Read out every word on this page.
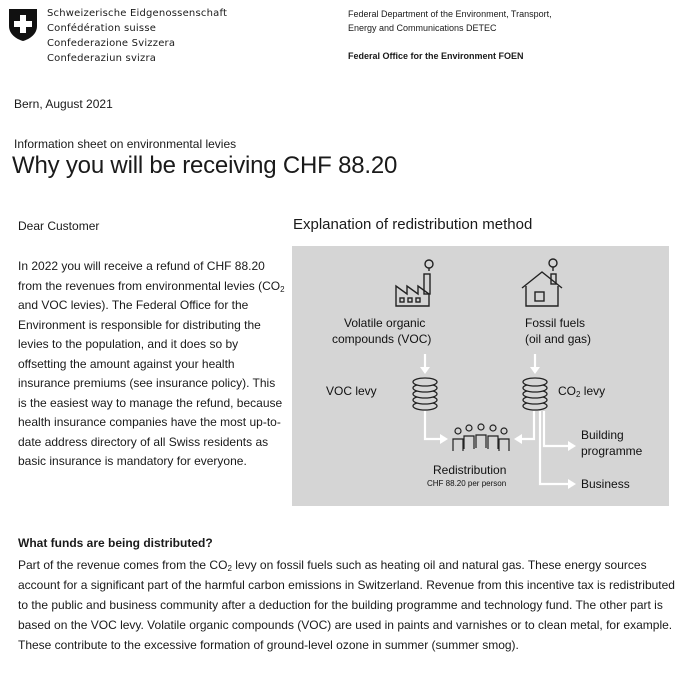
Schweizerische Eidgenossenschaft
Confédération suisse
Confederazione Svizzera
Confederaziun svizra
Federal Department of the Environment, Transport,
Energy and Communications DETEC
Federal Office for the Environment FOEN
Bern, August 2021
Information sheet on environmental levies
Why you will be receiving CHF 88.20
Dear Customer

In 2022 you will receive a refund of CHF 88.20 from the revenues from environmental levies ($CO_2$ and VOC levies). The Federal Office for the Environment is responsible for distributing the levies to the population, and it does so by offsetting the amount against your health insurance premiums (see insurance policy). This is the easiest way to manage the refund, because health insurance companies have the most up-to-date address directory of all Swiss residents as basic insurance is mandatory for everyone.

Explanation of redistribution method
Volatile organic
compounds (VOC)
Fossil fuels
(oil and gas)
VOC levy	$CO_2$ levy
Building
programme
Business
Redistribution
CHF 88.20 per person
What funds are being distributed?

Part of the revenue comes from the $CO_2$ levy on fossil fuels such as heating oil and natural gas. These energy sources account for a significant part of the harmful carbon emissions in Switzerland. Revenue from this incentive tax is redistributed to the public and business community after a deduction for the building programme and technology fund. The other part is based on the VOC levy. Volatile organic compounds (VOC) are used in paints and varnishes or to clean metal, for example. These contribute to the excessive formation of ground-level ozone in summer (summer smog).
